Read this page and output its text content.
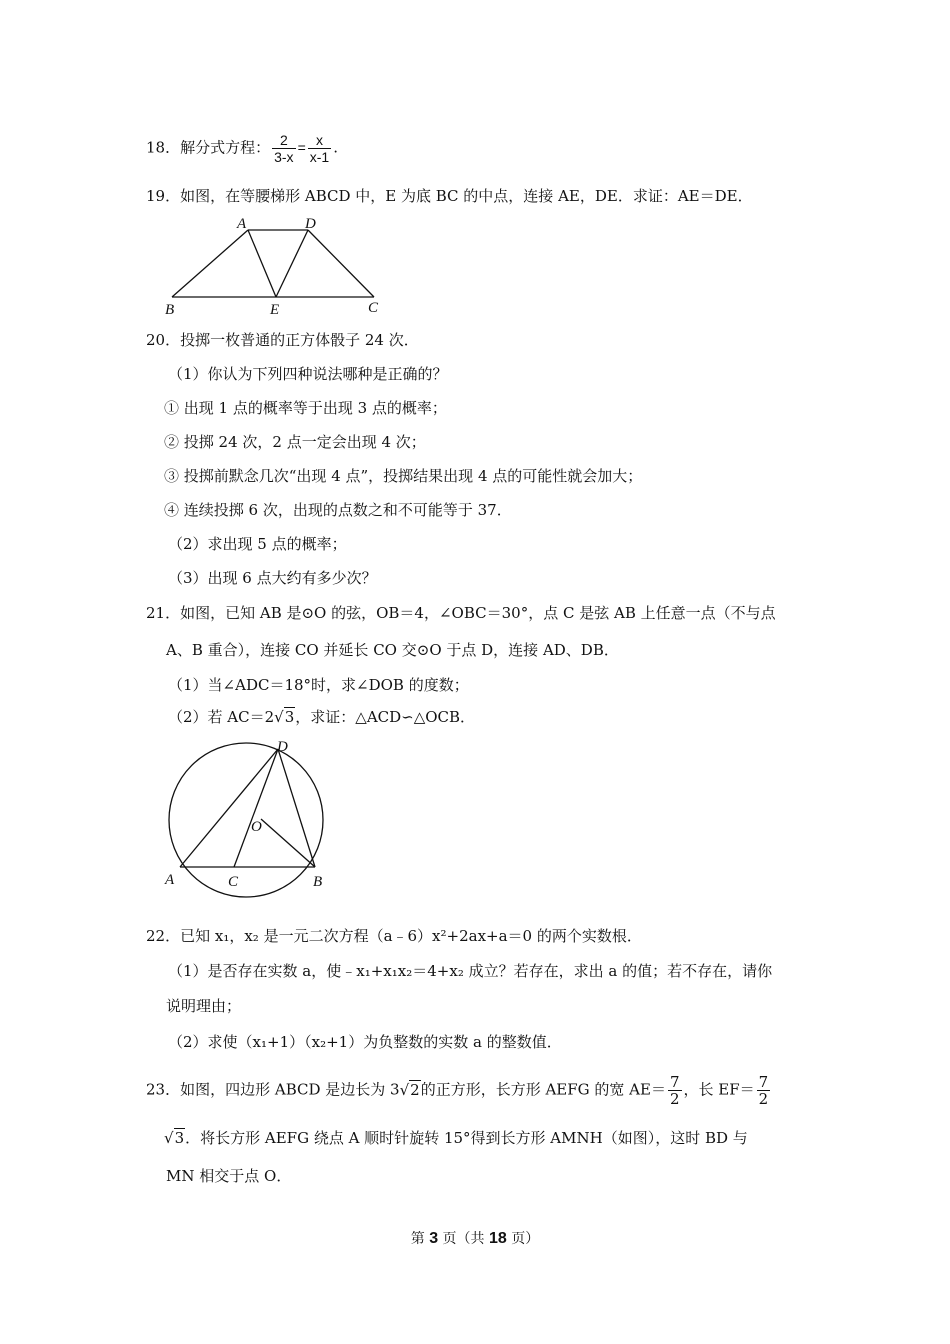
18．解分式方程： $\frac{2}{3-x} = \frac{x}{x-1}$ .
19．如图，在等腰梯形 ABCD 中，E 为底 BC 的中点，连接 AE，DE．求证：AE＝DE．
A	D
B	E	C
20．投掷一枚普通的正方体骰子 24 次．
（1）你认为下列四种说法哪种是正确的？
① 出现 1 点的概率等于出现 3 点的概率；
② 投掷 24 次，2 点一定会出现 4 次；
③ 投掷前默念几次“出现 4 点”，投掷结果出现 4 点的可能性就会加大；
④ 连续投掷 6 次，出现的点数之和不可能等于 37．
（2）求出现 5 点的概率；
（3）出现 6 点大约有多少次？
21．如图，已知 AB 是⊙O 的弦，OB＝4，∠OBC＝30°，点 C 是弦 AB 上任意一点（不与点
A、B 重合），连接 CO 并延长 CO 交⊙O 于点 D，连接 AD、DB．
（1）当∠ADC＝18°时，求∠DOB 的度数；
（2）若 AC＝2√3，求证：△ACD∽△OCB．
D
O
A	C	B
22．已知 x₁，x₂ 是一元二次方程（a﹣6）x²+2ax+a＝0 的两个实数根．
（1）是否存在实数 a，使﹣x₁+x₁x₂＝4+x₂ 成立？若存在，求出 a 的值；若不存在，请你
说明理由；
（2）求使（x₁+1）（x₂+1）为负整数的实数 a 的整数值．
23．如图，四边形 ABCD 是边长为 3√2的正方形，长方形 AEFG 的宽 $AE= \frac{7}{2}$ ，长 $EF= \frac{7}{2}$
√3．将长方形 AEFG 绕点 A 顺时针旋转 15°得到长方形 AMNH（如图），这时 BD 与
MN 相交于点 O．
第 3 页（共 18 页）
